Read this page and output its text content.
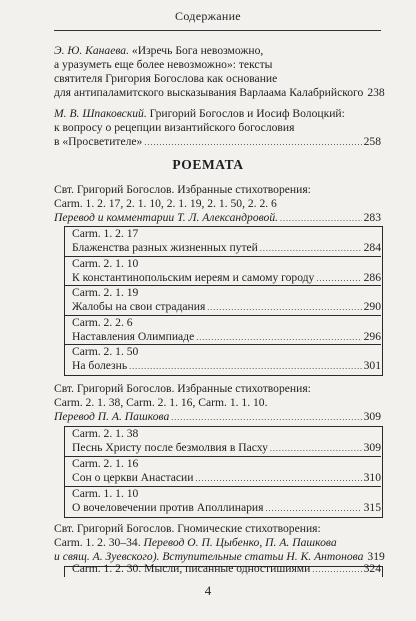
Содержание
Э. Ю. Канаева. «Изречь Бога невозможно,
а уразуметь еще более невозможно»: тексты
святителя Григория Богослова как основание
для антипаламитского высказывания Варлаама Калабрийского 238
М. В. Шпаковский. Григорий Богослов и Иосиф Волоцкий:
к вопросу о рецепции византийского богословия
в «Просветителе» . . .	258
POEMATA
Свт. Григорий Богослов. Избранные стихотворения:
Carm. 1. 2. 17, 2. 1. 10, 2. 1. 19, 2. 1. 50, 2. 2. 6
Перевод и комментарии Т. Л. Александровой. . . .	283
Carm. 1. 2. 17
Блаженства разных жизненных путей . . .	284
Carm. 2. 1. 10
К константинопольским иереям и самому городу . . .	286
Carm. 2. 1. 19
Жалобы на свои страдания . . .	290
Carm. 2. 2. 6
Наставления Олимпиаде . . .	296
Carm. 2. 1. 50
На болезнь . . .	301
Свт. Григорий Богослов. Избранные стихотворения:
Carm. 2. 1. 38, Carm. 2. 1. 16, Carm. 1. 1. 10.
Перевод П. А. Пашкова . . .	309
Carm. 2. 1. 38
Песнь Христу после безмолвия в Пасху . . .	309
Carm. 2. 1. 16
Сон о церкви Анастасии . . .	310
Carm. 1. 1. 10
О вочеловечении против Аполлинария . . .	315
Свт. Григорий Богослов. Гномические стихотворения:
Carm. 1. 2. 30–34. Перевод О. П. Цыбенко, П. А. Пашкова
и свящ. А. Зуевского). Вступительные статьи Н. К. Антонова 319
Carm. 1. 2. 30. Мысли, писанные одностишиями . . .	324
4
